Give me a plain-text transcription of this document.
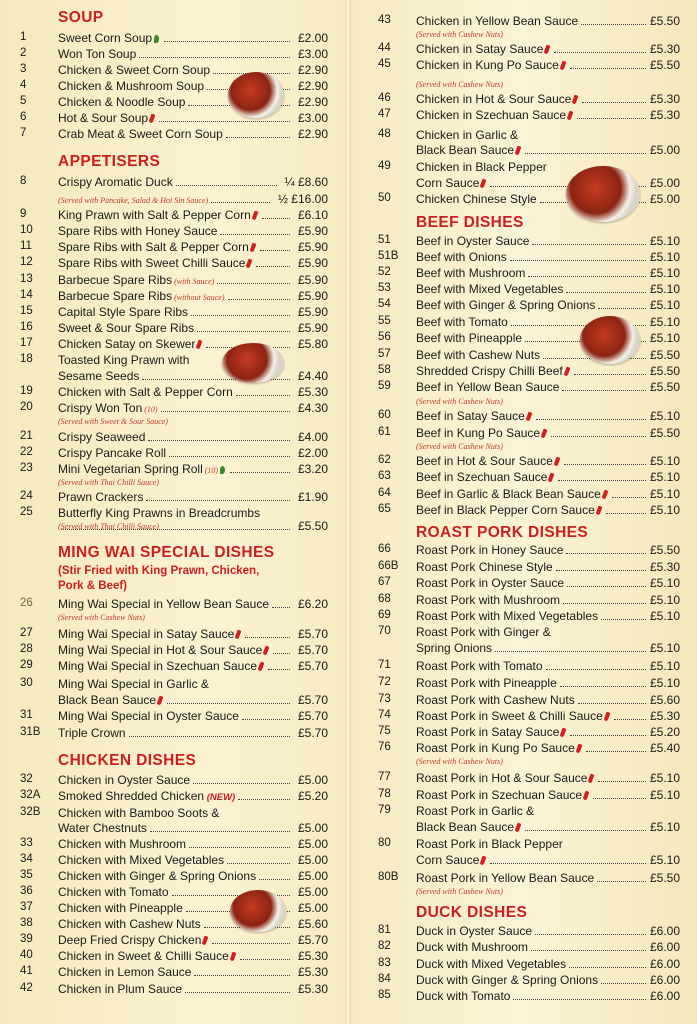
SOUP
1	Sweet Corn Soup	£2.00
2	Won Ton Soup	£3.00
3	Chicken & Sweet Corn Soup	£2.90
4	Chicken & Mushroom Soup	£2.90
5	Chicken & Noodle Soup	£2.90
6	Hot & Sour Soup	£3.00
7	Crab Meat & Sweet Corn Soup	£2.90
APPETISERS
8	Crispy Aromatic Duck	¼ £8.60
(Served with Pancake, Salad & Hoi Sin Sauce)	½ £16.00
9	King Prawn with Salt & Pepper Corn	£6.10
10 Spare Ribs with Honey Sauce	£5.90
11 Spare Ribs with Salt & Pepper Corn	£5.90
12 Spare Ribs with Sweet Chilli Sauce	£5.90
13 Barbecue Spare Ribs (with Sauce)	£5.90
14 Barbecue Spare Ribs (without Sauce)	£5.90
15 Capital Style Spare Ribs	£5.90
16 Sweet & Sour Spare Ribs	£5.90
17 Chicken Satay on Skewer	£5.80
18 Toasted King Prawn with
Sesame Seeds	£4.40
19 Chicken with Salt & Pepper Corn	£5.30
20 Crispy Won Ton (10)	£4.30
21 Crispy Seaweed	£4.00
22 Crispy Pancake Roll	£2.00
23 Mini Vegetarian Spring Roll (10)	£3.20
24 Prawn Crackers	£1.90
25 Butterfly King Prawns in Breadcrumbs
£5.50
(Served with Sweet & Sour Sauce)
(Served with Thai Chilli Sauce)
(Served with Thai Chilli Sauce)
MING WAI SPECIAL DISHES
(Stir Fried with King Prawn, Chicken,
Pork & Beef)
26 Ming Wai Special in Yellow Bean Sauce £6.20
27 Ming Wai Special in Satay Sauce	£5.70
28 Ming Wai Special in Hot & Sour Sauce	£5.70
29 Ming Wai Special in Szechuan Sauce	£5.70
30 Ming Wai Special in Garlic &
Black Bean Sauce	£5.70
31 Ming Wai Special in Oyster Sauce	£5.70
31B Triple Crown	£5.70
(Served with Cashew Nuts)
CHICKEN DISHES
32 Chicken in Oyster Sauce	£5.00
32A Smoked Shredded Chicken (NEW)	£5.20
32B Chicken with Bamboo Soots &
Water Chestnuts	£5.00
33 Chicken with Mushroom	£5.00
34 Chicken with Mixed Vegetables	£5.00
35 Chicken with Ginger & Spring Onions	£5.00
36 Chicken with Tomato	£5.00
37 Chicken with Pineapple	£5.00
38 Chicken with Cashew Nuts	£5.60
39 Deep Fried Crispy Chicken	£5.70
40 Chicken in Sweet & Chilli Sauce	£5.30
41 Chicken in Lemon Sauce	£5.30
42 Chicken in Plum Sauce	£5.30
43 Chicken in Yellow Bean Sauce	£5.50
44 Chicken in Satay Sauce	£5.30
45 Chicken in Kung Po Sauce	£5.50
46 Chicken in Hot & Sour Sauce	£5.30
47 Chicken in Szechuan Sauce	£5.30
48 Chicken in Garlic &
Black Bean Sauce	£5.00
49 Chicken in Black Pepper
Corn Sauce	£5.00
50 Chicken Chinese Style	£5.00
(Served with Cashew Nuts)
(Served with Cashew Nuts)
BEEF DISHES
51 Beef in Oyster Sauce	£5.10
51B Beef with Onions	£5.10
52 Beef with Mushroom	£5.10
53 Beef with Mixed Vegetables	£5.10
54 Beef with Ginger & Spring Onions	£5.10
55 Beef with Tomato	£5.10
56 Beef with Pineapple	£5.10
57 Beef with Cashew Nuts	£5.50
58 Shredded Crispy Chilli Beef	£5.50
59 Beef in Yellow Bean Sauce	£5.50
60 Beef in Satay Sauce	£5.10
61 Beef in Kung Po Sauce	£5.50
62 Beef in Hot & Sour Sauce	£5.10
63 Beef in Szechuan Sauce	£5.10
64 Beef in Garlic & Black Bean Sauce	£5.10
65 Beef in Black Pepper Corn Sauce	£5.10
(Served with Cashew Nuts)
(Served with Cashew Nuts)
ROAST PORK DISHES
66 Roast Pork in Honey Sauce	£5.50
66B Roast Pork Chinese Style	£5.30
67 Roast Pork in Oyster Sauce	£5.10
68 Roast Pork with Mushroom	£5.10
69 Roast Pork with Mixed Vegetables	£5.10
70 Roast Pork with Ginger &
Spring Onions	£5.10
71 Roast Pork with Tomato	£5.10
72 Roast Pork with Pineapple	£5.10
73 Roast Pork with Cashew Nuts	£5.60
74 Roast Pork in Sweet & Chilli Sauce	£5.30
75 Roast Pork in Satay Sauce	£5.20
76 Roast Pork in Kung Po Sauce	£5.40
77 Roast Pork in Hot & Sour Sauce	£5.10
78 Roast Pork in Szechuan Sauce	£5.10
79 Roast Pork in Garlic &
Black Bean Sauce	£5.10
80 Roast Pork in Black Pepper
Corn Sauce	£5.10
80B Roast Pork in Yellow Bean Sauce	£5.50
(Served with Cashew Nuts)
(Served with Cashew Nuts)
DUCK DISHES
81 Duck in Oyster Sauce	£6.00
82 Duck with Mushroom	£6.00
83 Duck with Mixed Vegetables	£6.00
84 Duck with Ginger & Spring Onions	£6.00
85 Duck with Tomato	£6.00
